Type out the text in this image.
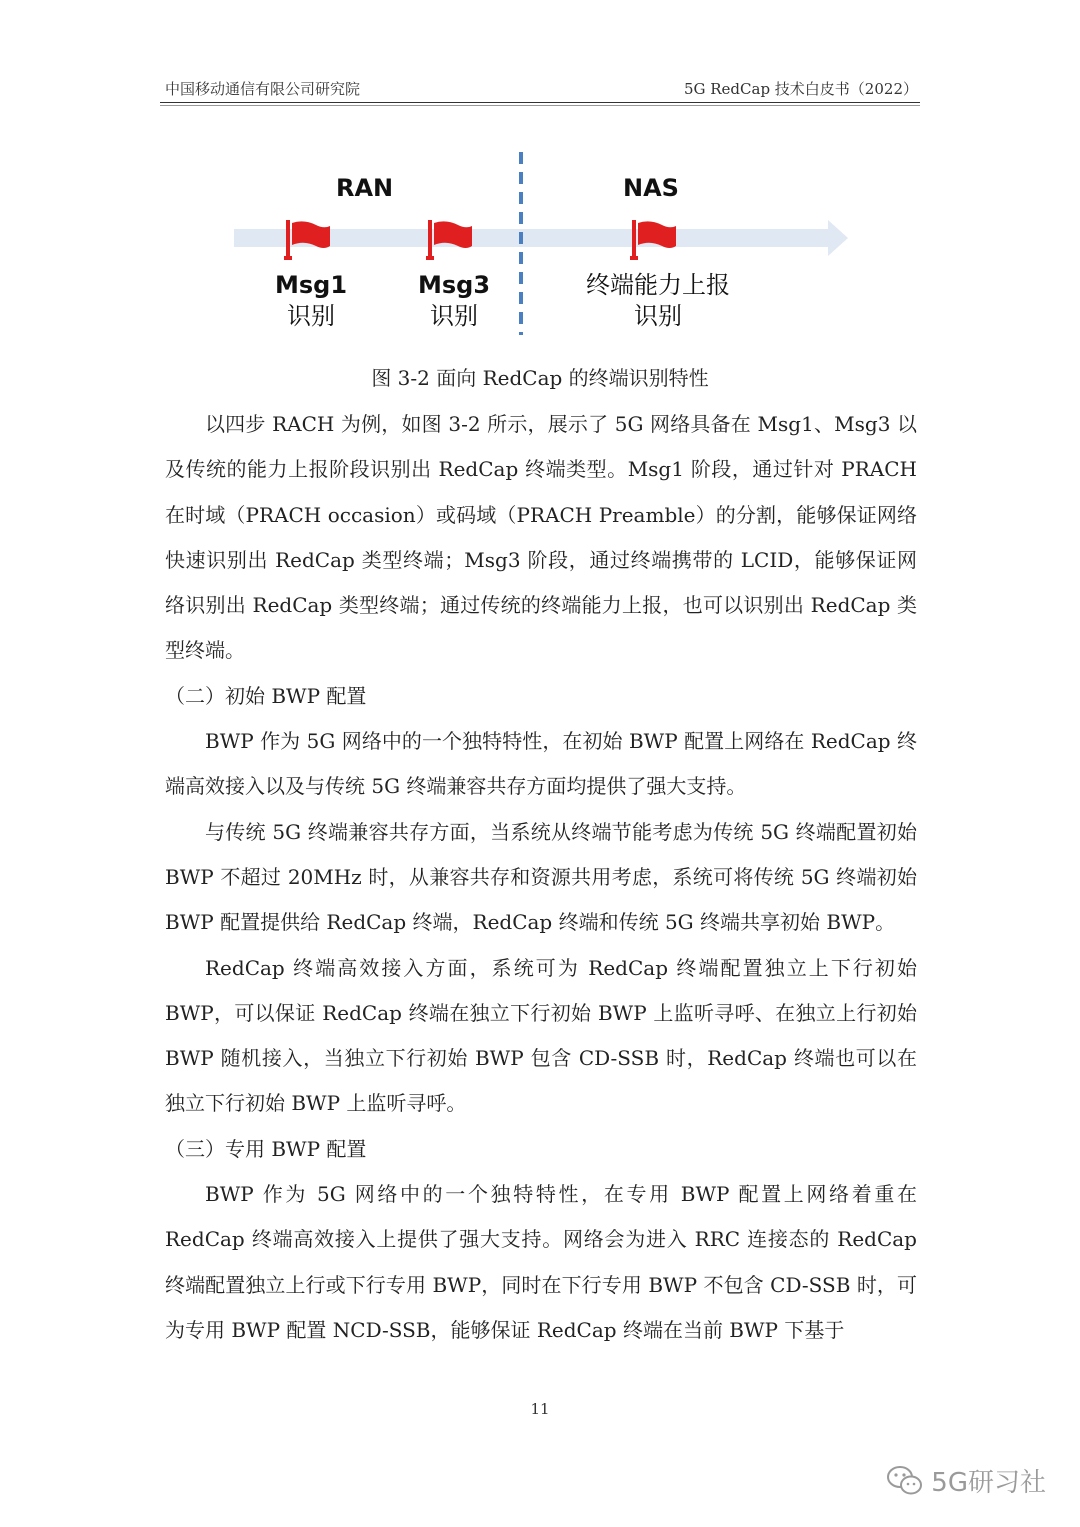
中国移动通信有限公司研究院	5G RedCap 技术白皮书（2022）
RAN	NAS
Msg1
识别
Msg3
识别
终端能力上报
识别
图 3-2 面向 RedCap 的终端识别特性

以四步 RACH 为例，如图 3-2 所示，展示了 5G 网络具备在 Msg1、Msg3 以及传统的能力上报阶段识别出 RedCap 终端类型。Msg1 阶段，通过针对 PRACH 在时域（PRACH occasion）或码域（PRACH Preamble）的分割，能够保证网络快速识别出 RedCap 类型终端；Msg3 阶段，通过终端携带的 LCID，能够保证网络识别出 RedCap 类型终端；通过传统的终端能力上报，也可以识别出 RedCap 类型终端。

（二）初始 BWP 配置

BWP 作为 5G 网络中的一个独特特性，在初始 BWP 配置上网络在 RedCap 终端高效接入以及与传统 5G 终端兼容共存方面均提供了强大支持。

与传统 5G 终端兼容共存方面，当系统从终端节能考虑为传统 5G 终端配置初始 BWP 不超过 20MHz 时，从兼容共存和资源共用考虑，系统可将传统 5G 终端初始 BWP 配置提供给 RedCap 终端，RedCap 终端和传统 5G 终端共享初始 BWP。

RedCap 终端高效接入方面，系统可为 RedCap 终端配置独立上下行初始 BWP，可以保证 RedCap 终端在独立下行初始 BWP 上监听寻呼、在独立上行初始 BWP 随机接入，当独立下行初始 BWP 包含 CD-SSB 时，RedCap 终端也可以在独立下行初始 BWP 上监听寻呼。

（三）专用 BWP 配置

BWP 作为 5G 网络中的一个独特特性，在专用 BWP 配置上网络着重在 RedCap 终端高效接入上提供了强大支持。网络会为进入 RRC 连接态的 RedCap 终端配置独立上行或下行专用 BWP，同时在下行专用 BWP 不包含 CD-SSB 时，可为专用 BWP 配置 NCD-SSB，能够保证 RedCap 终端在当前 BWP 下基于

11
5G研习社
